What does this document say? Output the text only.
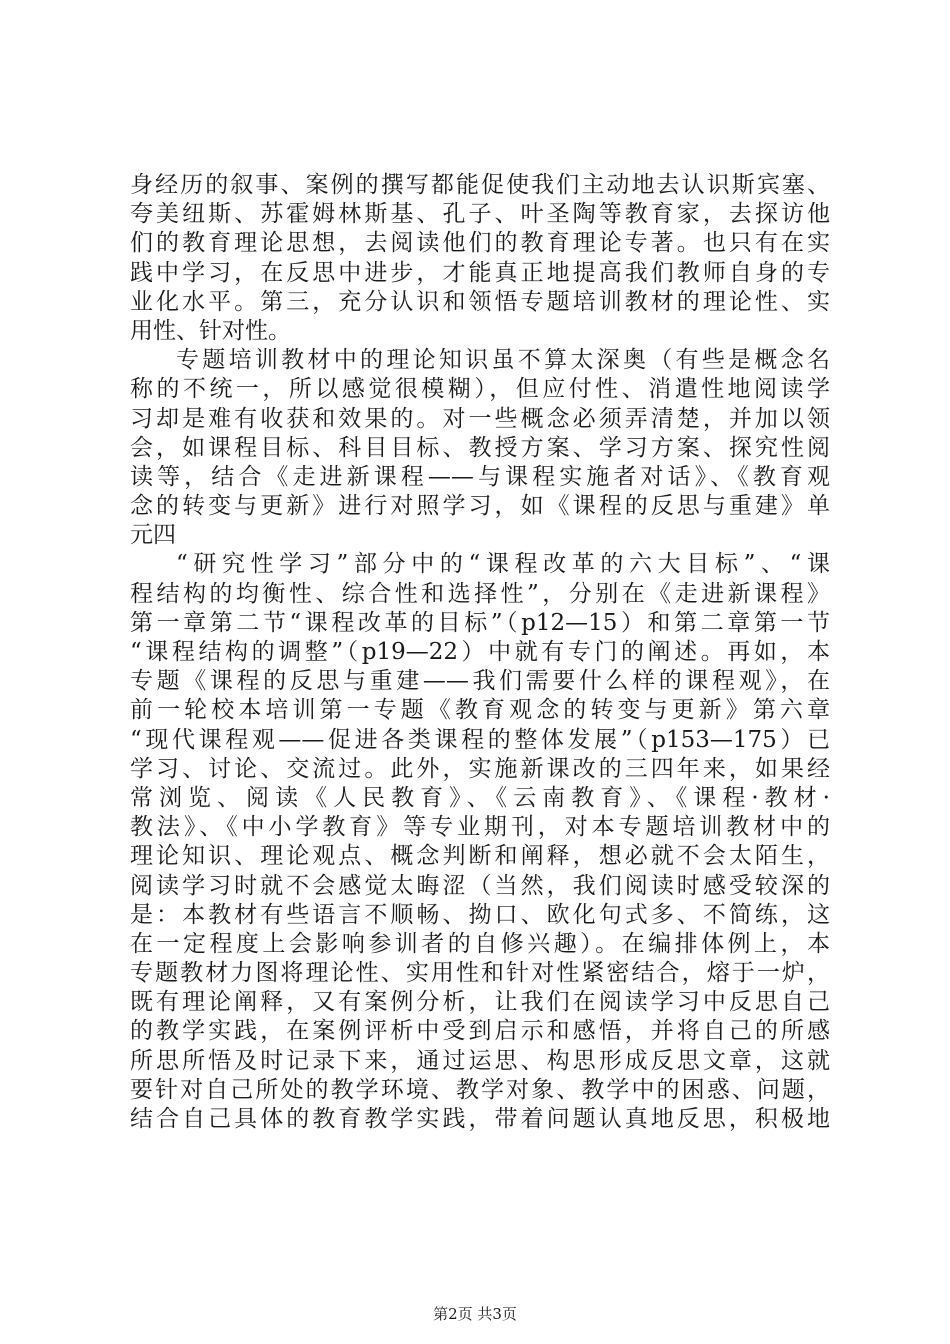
身经历的叙事、案例的撰写都能促使我们主动地去认识斯宾塞、
夸美纽斯、苏霍姆林斯基、孔子、叶圣陶等教育家，去探访他
们的教育理论思想，去阅读他们的教育理论专著。也只有在实
践中学习，在反思中进步，才能真正地提高我们教师自身的专
业化水平。第三，充分认识和领悟专题培训教材的理论性、实
用性、针对性。
专题培训教材中的理论知识虽不算太深奥（有些是概念名
称的不统一，所以感觉很模糊），但应付性、消遣性地阅读学
习却是难有收获和效果的。对一些概念必须弄清楚，并加以领
会，如课程目标、科目目标、教授方案、学习方案、探究性阅
读等，结合《走进新课程——与课程实施者对话》、《教育观
念的转变与更新》进行对照学习，如《课程的反思与重建》单
元四
“研究性学习”部分中的“课程改革的六大目标”、“课
程结构的均衡性、综合性和选择性”，分别在《走进新课程》
第一章第二节“课程改革的目标”（p12—15）和第二章第一节
“课程结构的调整”（p19—22）中就有专门的阐述。再如，本
专题《课程的反思与重建——我们需要什么样的课程观》，在
前一轮校本培训第一专题《教育观念的转变与更新》第六章
“现代课程观——促进各类课程的整体发展”（p153—175）已
学习、讨论、交流过。此外，实施新课改的三四年来，如果经
常浏览、阅读《人民教育》、《云南教育》、《课程·教材·
教法》、《中小学教育》等专业期刊，对本专题培训教材中的
理论知识、理论观点、概念判断和阐释，想必就不会太陌生，
阅读学习时就不会感觉太晦涩（当然，我们阅读时感受较深的
是：本教材有些语言不顺畅、拗口、欧化句式多、不简练，这
在一定程度上会影响参训者的自修兴趣）。在编排体例上，本
专题教材力图将理论性、实用性和针对性紧密结合，熔于一炉，
既有理论阐释，又有案例分析，让我们在阅读学习中反思自己
的教学实践，在案例评析中受到启示和感悟，并将自己的所感
所思所悟及时记录下来，通过运思、构思形成反思文章，这就
要针对自己所处的教学环境、教学对象、教学中的困惑、问题，
结合自己具体的教育教学实践，带着问题认真地反思，积极地
第2页 共3页
